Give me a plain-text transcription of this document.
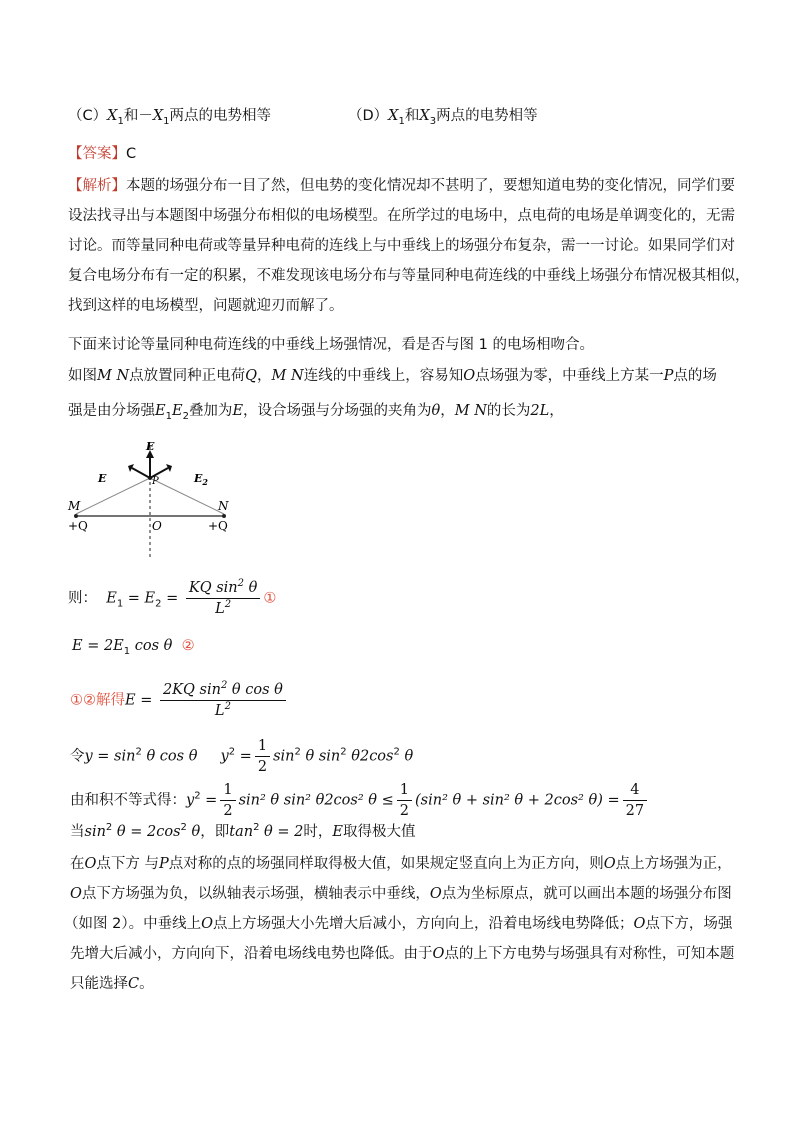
$(C)X_1$和$-X_1$两点的电势相等	$(D)X_1$和$X_3$两点的电势相等
【答案】C
【解析】本题的场强分布一目了然，但电势的变化情况却不甚明了，要想知道电势的变化情况，同学们要
设法找寻出与本题图中场强分布相似的电场模型。在所学过的电场中，点电荷的电场是单调变化的，无需
讨论。而等量同种电荷或等量异种电荷的连线上与中垂线上的场强分布复杂，需一一讨论。如果同学们对
复合电场分布有一定的积累，不难发现该电场分布与等量同种电荷连线的中垂线上场强分布情况极其相似，
找到这样的电场模型，问题就迎刃而解了。
下面来讨论等量同种电荷连线的中垂线上场强情况，看是否与图 1 的电场相吻合。
如图M N点放置同种正电荷Q，M N连线的中垂线上，容易知O点场强为零，中垂线上方某一P点的场
强是由分场强$E_1E_2$叠加为E，设合场强与分场强的夹角为θ，M N的长为2L，
E
E	$E_2$
P
M	N
O
+Q	+Q
则： $E_1 = E_2 = \frac{KQ \sin^2 \theta}{L^2}$ ①
$E = 2E_1$ cos θ ②
①②解得$E = \frac{2KQ \sin^2 \theta \cos \theta}{L^2}$
令$y = \sin^2 \theta$ cos θ $y^2 = \frac{1}{2} \sin^2 \theta$ $\sin^2 \theta 2\cos^2$ θ
由和积不等式得：$y^2 = \frac{1}{2} \sin^2$ θ sin² θ2cos² $\theta \le \frac{1}{2} (\sin^2$ θ + sin² θ + 2cos² $\theta) = \frac{4}{27}$
当$\sin^2 \theta = 2\cos^2$ θ，即$\tan^2 \theta = 2$时，E取得极大值
在O点下方 与P点对称的点的场强同样取得极大值，如果规定竖直向上为正方向，则O点上方场强为正，
O点下方场强为负，以纵轴表示场强，横轴表示中垂线，O点为坐标原点，就可以画出本题的场强分布图
（如图 2）。中垂线上O点上方场强大小先增大后减小，方向向上，沿着电场线电势降低；O点下方，场强
先增大后减小，方向向下，沿着电场线电势也降低。由于O点的上下方电势与场强具有对称性，可知本题
只能选择C。
